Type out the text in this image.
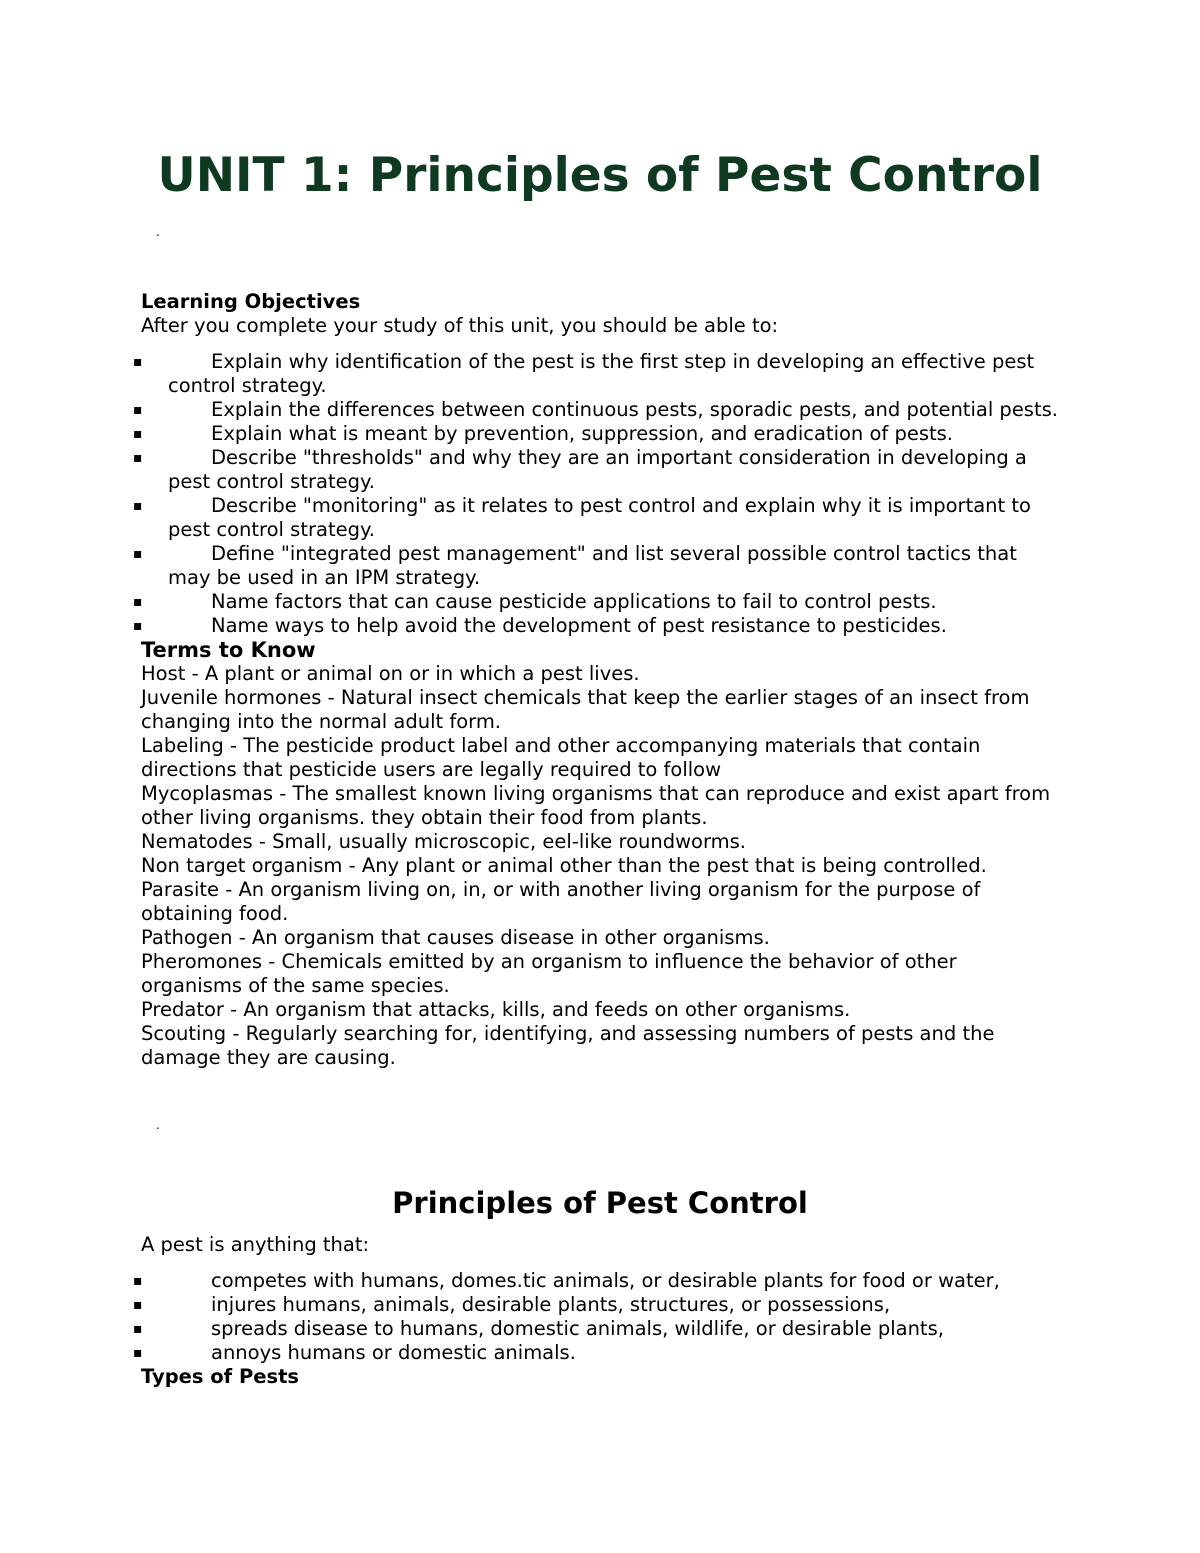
UNIT 1: Principles of Pest Control
.

Learning Objectives

After you complete your study of this unit, you should be able to:

▪	Explain why identification of the pest is the first step in developing an effective pest control strategy.
▪	Explain the differences between continuous pests, sporadic pests, and potential pests.
▪	Explain what is meant by prevention, suppression, and eradication of pests.
▪	Describe "thresholds" and why they are an important consideration in developing a pest control strategy.
▪	Describe "monitoring" as it relates to pest control and explain why it is important to pest control strategy.
▪	Define "integrated pest management" and list several possible control tactics that may be used in an IPM strategy.
▪	Name factors that can cause pesticide applications to fail to control pests.
▪	Name ways to help avoid the development of pest resistance to pesticides.

Terms to Know

Host - A plant or animal on or in which a pest lives.

Juvenile hormones - Natural insect chemicals that keep the earlier stages of an insect from changing into the normal adult form.

Labeling - The pesticide product label and other accompanying materials that contain directions that pesticide users are legally required to follow

Mycoplasmas - The smallest known living organisms that can reproduce and exist apart from other living organisms. they obtain their food from plants.

Nematodes - Small, usually microscopic, eel-like roundworms.

Non target organism - Any plant or animal other than the pest that is being controlled.

Parasite - An organism living on, in, or with another living organism for the purpose of obtaining food.

Pathogen - An organism that causes disease in other organisms.

Pheromones - Chemicals emitted by an organism to influence the behavior of other organisms of the same species.

Predator - An organism that attacks, kills, and feeds on other organisms.

Scouting - Regularly searching for, identifying, and assessing numbers of pests and the damage they are causing.

.
Principles of Pest Control

A pest is anything that:

▪	competes with humans, domes.tic animals, or desirable plants for food or water,
▪	injures humans, animals, desirable plants, structures, or possessions,
▪	spreads disease to humans, domestic animals, wildlife, or desirable plants,
▪	annoys humans or domestic animals.

Types of Pests
